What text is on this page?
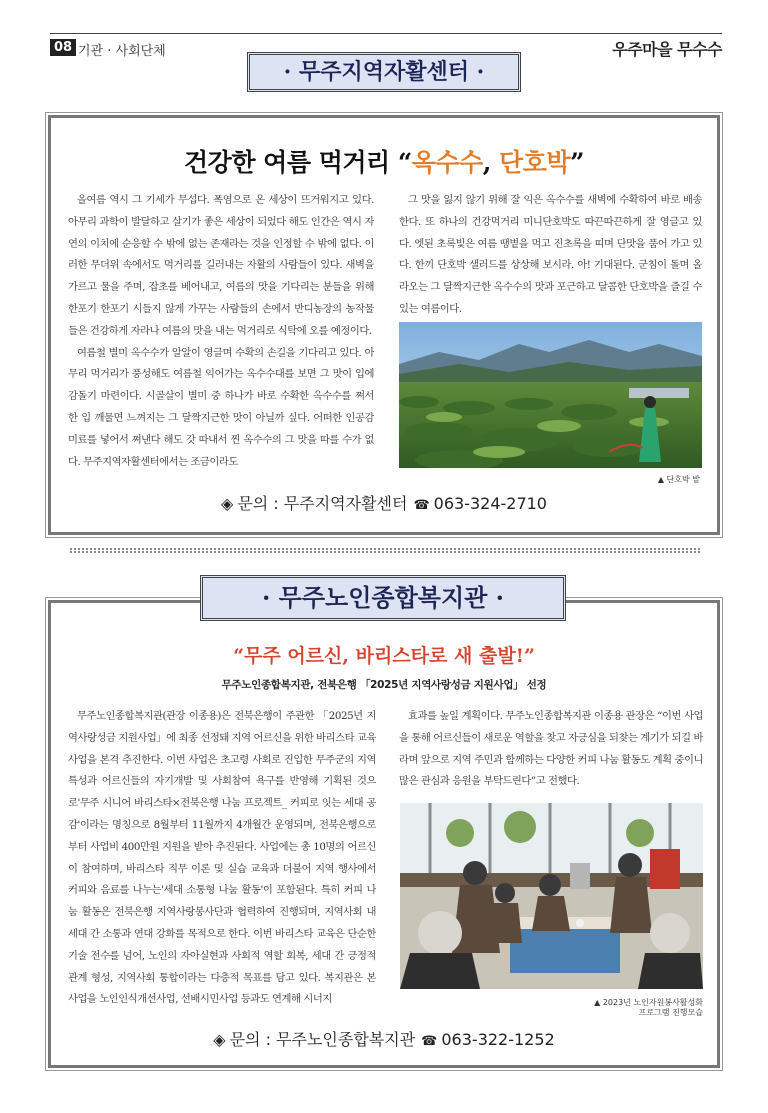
08 기관 · 사회단체	우주마을 무수수
· 무주지역자활센터 ·
건강한 여름 먹거리 “옥수수, 단호박”

올여름 역시 그 기세가 무섭다. 폭염으로 온 세상이 뜨거워지고 있다. 아무리 과학이 발달하고 살기가 좋은 세상이 되었다 해도 인간은 역시 자연의 이치에 순응할 수 밖에 없는 존재라는 것을 인정할 수 밖에 없다. 이러한 무더위 속에서도 먹거리를 길러내는 자활의 사람들이 있다. 새벽을 가르고 물을 주며, 잡초를 베어내고, 여름의 맛을 기다리는 분들을 위해 한포기 한포기 시들지 않게 가꾸는 사람들의 손에서 반디농장의 농작물들은 건강하게 자라나 여름의 맛을 내는 먹거리로 식탁에 오를 예정이다.

여름철 별미 옥수수가 알알이 영글며 수확의 손길을 기다리고 있다. 아무리 먹거리가 풍성해도 여름철 익어가는 옥수수대를 보면 그 맛이 입에 감돌기 마련이다. 시골살이 별미 중 하나가 바로 수확한 옥수수를 쪄서 한 입 깨물면 느껴지는 그 달짝지근한 맛이 아닐까 싶다. 어떠한 인공감미료를 넣어서 쪄낸다 해도 갓 따내서 찐 옥수수의 그 맛을 따를 수가 없다. 무주지역자활센터에서는 조금이라도

그 맛을 잃지 않기 위해 잘 익은 옥수수를 새벽에 수확하여 바로 배송한다. 또 하나의 건강먹거리 미니단호박도 따끈따끈하게 잘 영글고 있다. 엣된 초록빛은 여름 땡볕을 먹고 진초록을 띠며 단맛을 품어 가고 있다. 한끼 단호박 샐러드를 상상해 보시라. 아! 기대된다. 군침이 돌며 올라오는 그 달짝지근한 옥수수의 맛과 포근하고 달콤한 단호박을 즐길 수 있는 여름이다.

▲ 단호박 밭
◈ 문의 : 무주지역자활센터 ☎ 063-324-2710
· 무주노인종합복지관 ·
“무주 어르신, 바리스타로 새 출발!”
무주노인종합복지관, 전북은행 「2025년 지역사랑성금 지원사업」 선정

무주노인종합복지관(관장 이종용)은 전북은행이 주관한 「2025년 지역사랑성금 지원사업」에 최종 선정돼 지역 어르신을 위한 바리스타 교육 사업을 본격 추진한다. 이번 사업은 초고령 사회로 진입한 무주군의 지역 특성과 어르신들의 자기개발 및 사회참여 욕구를 반영해 기획된 것으로'무주 시니어 바리스타×전북은행 나눔 프로젝트_ 커피로 잇는 세대 공감'이라는 명칭으로 8월부터 11월까지 4개월간 운영되며, 전북은행으로부터 사업비 400만원 지원을 받아 추진된다. 사업에는 총 10명의 어르신이 참여하며, 바리스타 직무 이론 및 실습 교육과 더불어 지역 행사에서 커피와 음료를 나누는'세대 소통형 나눔 활동'이 포함된다. 특히 커피 나눔 활동은 전북은행 지역사랑봉사단과 협력하여 진행되며, 지역사회 내 세대 간 소통과 연대 강화를 목적으로 한다. 이번 바리스타 교육은 단순한 기술 전수를 넘어, 노인의 자아실현과 사회적 역할 회복, 세대 간 긍정적 관계 형성, 지역사회 통합이라는 다층적 목표를 담고 있다. 복지관은 본 사업을 노인인식개선사업, 선배시민사업 등과도 연계해 시너지

효과를 높일 계획이다. 무주노인종합복지관 이종용 관장은 “이번 사업을 통해 어르신들이 새로운 역할을 찾고 자긍심을 되찾는 계기가 되길 바라며 앞으로 지역 주민과 함께하는 다양한 커피 나눔 활동도 계획 중이니 많은 관심과 응원을 부탁드린다”고 전했다.

▲ 2023년 노인자원봉사활성화
프로그램 진행모습
◈ 문의 : 무주노인종합복지관 ☎ 063-322-1252
